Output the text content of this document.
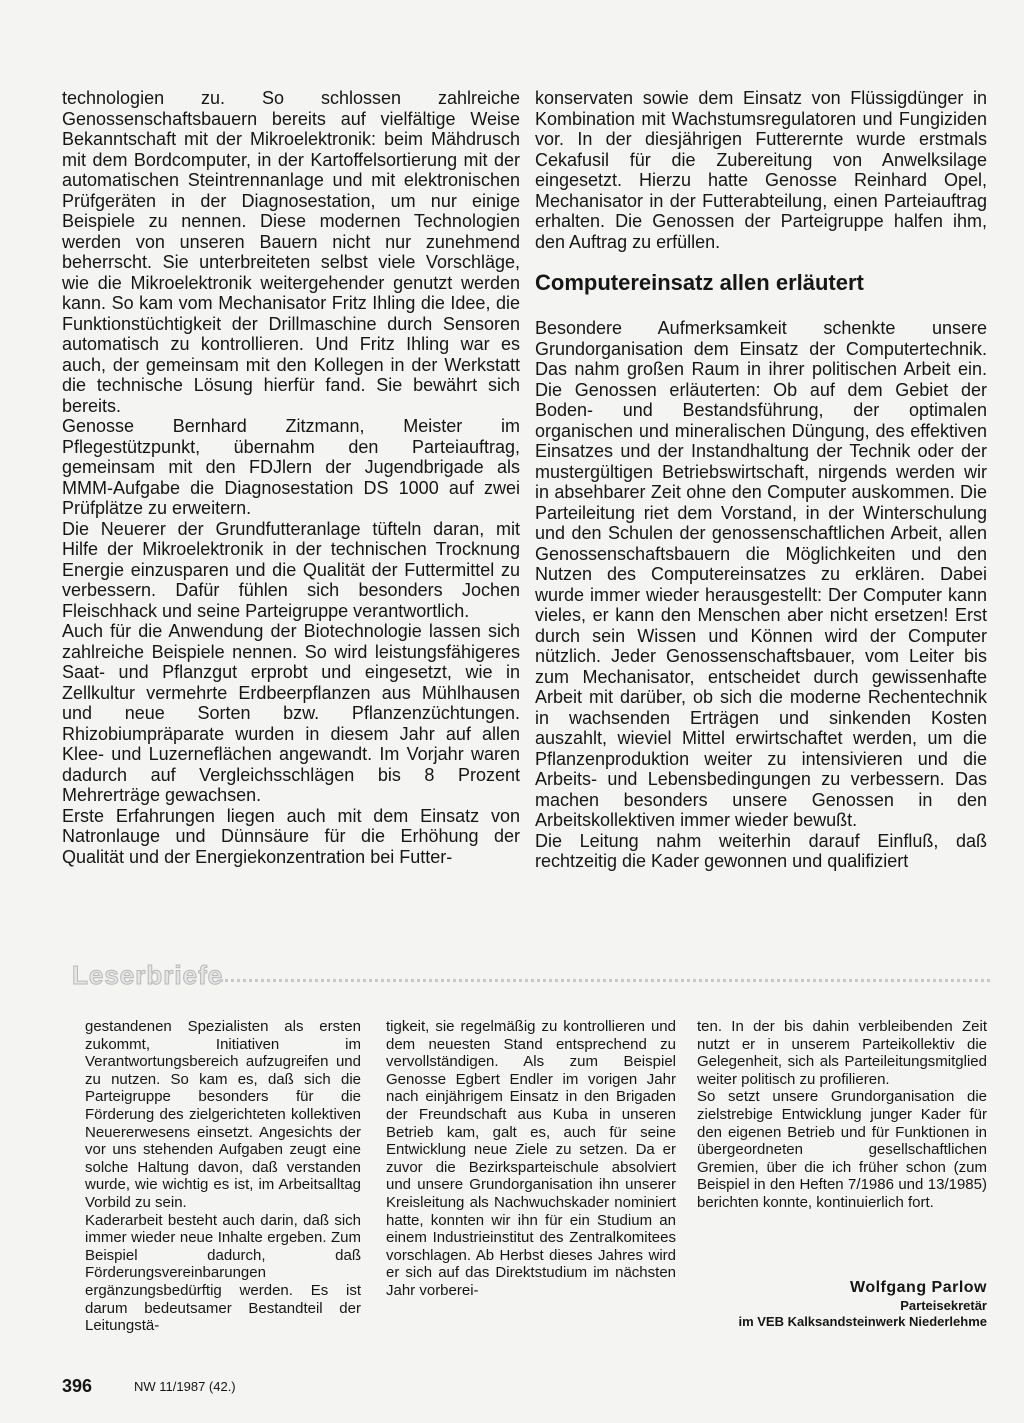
technologien zu. So schlossen zahlreiche Genossenschaftsbauern bereits auf vielfältige Weise Bekanntschaft mit der Mikroelektronik: beim Mähdrusch mit dem Bordcomputer, in der Kartoffelsortierung mit der automatischen Steintrennanlage und mit elektronischen Prüfgeräten in der Diagnosestation, um nur einige Beispiele zu nennen. Diese modernen Technologien werden von unseren Bauern nicht nur zunehmend beherrscht. Sie unterbreiteten selbst viele Vorschläge, wie die Mikroelektronik weitergehender genutzt werden kann. So kam vom Mechanisator Fritz Ihling die Idee, die Funktionstüchtigkeit der Drillmaschine durch Sensoren automatisch zu kontrollieren. Und Fritz Ihling war es auch, der gemeinsam mit den Kollegen in der Werkstatt die technische Lösung hierfür fand. Sie bewährt sich bereits.

Genosse Bernhard Zitzmann, Meister im Pflegestützpunkt, übernahm den Parteiauftrag, gemeinsam mit den FDJlern der Jugendbrigade als MMM-Aufgabe die Diagnosestation DS 1000 auf zwei Prüfplätze zu erweitern.

Die Neuerer der Grundfutteranlage tüfteln daran, mit Hilfe der Mikroelektronik in der technischen Trocknung Energie einzusparen und die Qualität der Futtermittel zu verbessern. Dafür fühlen sich besonders Jochen Fleischhack und seine Parteigruppe verantwortlich.

Auch für die Anwendung der Biotechnologie lassen sich zahlreiche Beispiele nennen. So wird leistungsfähigeres Saat- und Pflanzgut erprobt und eingesetzt, wie in Zellkultur vermehrte Erdbeerpflanzen aus Mühlhausen und neue Sorten bzw. Pflanzenzüchtungen. Rhizobiumpräparate wurden in diesem Jahr auf allen Klee- und Luzerneflächen angewandt. Im Vorjahr waren dadurch auf Vergleichsschlägen bis 8 Prozent Mehrerträge gewachsen.

Erste Erfahrungen liegen auch mit dem Einsatz von Natronlauge und Dünnsäure für die Erhöhung der Qualität und der Energiekonzentration bei Futter-

konservaten sowie dem Einsatz von Flüssigdünger in Kombination mit Wachstumsregulatoren und Fungiziden vor. In der diesjährigen Futterernte wurde erstmals Cekafusil für die Zubereitung von Anwelksilage eingesetzt. Hierzu hatte Genosse Reinhard Opel, Mechanisator in der Futterabteilung, einen Parteiauftrag erhalten. Die Genossen der Parteigruppe halfen ihm, den Auftrag zu erfüllen.

Computereinsatz allen erläutert

Besondere Aufmerksamkeit schenkte unsere Grundorganisation dem Einsatz der Computertechnik. Das nahm großen Raum in ihrer politischen Arbeit ein. Die Genossen erläuterten: Ob auf dem Gebiet der Boden- und Bestandsführung, der optimalen organischen und mineralischen Düngung, des effektiven Einsatzes und der Instandhaltung der Technik oder der mustergültigen Betriebswirtschaft, nirgends werden wir in absehbarer Zeit ohne den Computer auskommen. Die Parteileitung riet dem Vorstand, in der Winterschulung und den Schulen der genossenschaftlichen Arbeit, allen Genossenschaftsbauern die Möglichkeiten und den Nutzen des Computereinsatzes zu erklären. Dabei wurde immer wieder herausgestellt: Der Computer kann vieles, er kann den Menschen aber nicht ersetzen! Erst durch sein Wissen und Können wird der Computer nützlich. Jeder Genossenschaftsbauer, vom Leiter bis zum Mechanisator, entscheidet durch gewissenhafte Arbeit mit darüber, ob sich die moderne Rechentechnik in wachsenden Erträgen und sinkenden Kosten auszahlt, wieviel Mittel erwirtschaftet werden, um die Pflanzenproduktion weiter zu intensivieren und die Arbeits- und Lebensbedingungen zu verbessern. Das machen besonders unsere Genossen in den Arbeitskollektiven immer wieder bewußt.

Die Leitung nahm weiterhin darauf Einfluß, daß rechtzeitig die Kader gewonnen und qualifiziert

Leserbriefe

gestandenen Spezialisten als ersten zukommt, Initiativen im Verantwortungsbereich aufzugreifen und zu nutzen. So kam es, daß sich die Parteigruppe besonders für die Förderung des zielgerichteten kollektiven Neuererwesens einsetzt. Angesichts der vor uns stehenden Aufgaben zeugt eine solche Haltung davon, daß verstanden wurde, wie wichtig es ist, im Arbeitsalltag Vorbild zu sein.

Kaderarbeit besteht auch darin, daß sich immer wieder neue Inhalte ergeben. Zum Beispiel dadurch, daß Förderungsvereinbarungen ergänzungsbedürftig werden. Es ist darum bedeutsamer Bestandteil der Leitungstä-

tigkeit, sie regelmäßig zu kontrollieren und dem neuesten Stand entsprechend zu vervollständigen. Als zum Beispiel Genosse Egbert Endler im vorigen Jahr nach einjährigem Einsatz in den Brigaden der Freundschaft aus Kuba in unseren Betrieb kam, galt es, auch für seine Entwicklung neue Ziele zu setzen. Da er zuvor die Bezirksparteischule absolviert und unsere Grundorganisation ihn unserer Kreisleitung als Nachwuchskader nominiert hatte, konnten wir ihn für ein Studium an einem Industrieinstitut des Zentralkomitees vorschlagen. Ab Herbst dieses Jahres wird er sich auf das Direktstudium im nächsten Jahr vorberei-

ten. In der bis dahin verbleibenden Zeit nutzt er in unserem Parteikollektiv die Gelegenheit, sich als Parteileitungsmitglied weiter politisch zu profilieren.

So setzt unsere Grundorganisation die zielstrebige Entwicklung junger Kader für den eigenen Betrieb und für Funktionen in übergeordneten gesellschaftlichen Gremien, über die ich früher schon (zum Beispiel in den Heften 7/1986 und 13/1985) berichten konnte, kontinuierlich fort.

Wolfgang Parlow
Parteisekretär
im VEB Kalksandsteinwerk Niederlehme
396	NW 11/1987 (42.)
